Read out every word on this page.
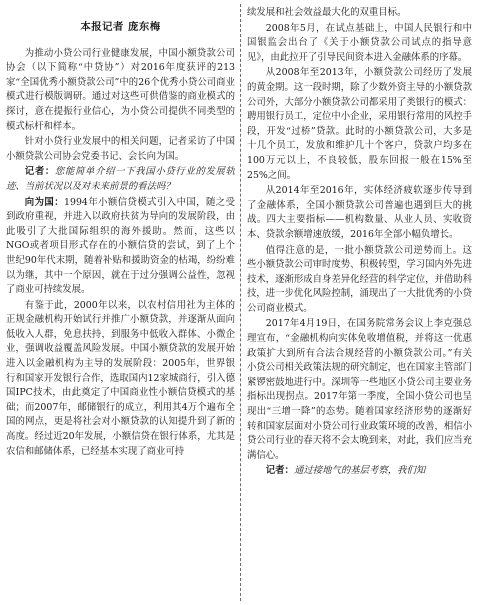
本报记者 庞东梅

为推动小贷公司行业健康发展，中国小额贷款公司协会（以下简称“中贷协”）对2016年度获评的213家“全国优秀小额贷款公司”中的26个优秀小贷公司商业模式进行模版调研。通过对这些可供借鉴的商业模式的探讨，意在提振行业信心，为小贷公司提供不同类型的模式标杆和样本。

针对小贷行业发展中的相关问题，记者采访了中国小额贷款公司协会党委书记、会长向为国。

记者：您能简单介绍一下我国小贷行业的发展轨迹、当前状况以及对未来前景的看法吗？

向为国：1994年小额信贷模式引入中国，随之受到政府重视，并进入以政府扶贫为导向的发展阶段，由此吸引了大批国际组织的海外援助。然而，这些以NGO或者项目形式存在的小额信贷的尝试，到了上个世纪90年代末期，随着补贴和援助资金的枯竭，纷纷难以为继，其中一个原因，就在于过分强调公益性，忽视了商业可持续发展。

有鉴于此，2000年以来，以农村信用社为主体的正规金融机构开始试行并推广小额贷款，并逐渐从面向低收入人群，免息扶持，到服务中低收入群体、小微企业，强调收益覆盖风险发展。中国小额贷款的发展开始进入以金融机构为主导的发展阶段：2005年，世界银行和国家开发银行合作，选取国内12家城商行，引入德国IPC技术，由此奠定了中国商业性小额信贷模式的基础；而2007年，邮储银行的成立，利用其4万个遍布全国的网点，更是将社会对小额贷款的认知提升到了新的高度。经过近20年发展，小额信贷在银行体系，尤其是农信和邮储体系，已经基本实现了商业可持

续发展和社会效益最大化的双重目标。

2008年5月，在试点基础上，中国人民银行和中国银监会出台了《关于小额贷款公司试点的指导意见》，由此拉开了引导民间资本进入金融体系的序幕。

从2008年至2013年，小额贷款公司经历了发展的黄金期。这一段时期，除了少数外资主导的小额贷款公司外，大部分小额贷款公司都采用了类银行的模式：聘用银行员工，定位中小企业，采用银行常用的风控手段，开发“过桥”贷款。此时的小额贷款公司，大多是十几个员工，发放和维护几十个客户，贷款户均多在100万元以上，不良较低，股东回报一般在15%至25%之间。

从2014年至2016年，实体经济疲软逐步传导到了金融体系，全国小额贷款公司普遍也遇到巨大的挑战。四大主要指标——机构数量、从业人员、实收资本、贷款余额增速放缓，2016年全部小幅负增长。

值得注意的是，一批小额贷款公司逆势而上。这些小额贷款公司审时度势、积极转型，学习国内外先进技术，逐渐形成自身差异化经营的科学定位，并借助科技，进一步优化风险控制，涌现出了一大批优秀的小贷公司商业模式。

2017年4月19日，在国务院常务会议上李克强总理宣布，“金融机构向实体免收增值税，并将这一优惠政策扩大到所有合法合规经营的小额贷款公司。”有关小贷公司相关政策法规的研究制定，也在国家主管部门紧锣密鼓地进行中。深圳等一些地区小贷公司主要业务指标出现拐点。2017年第一季度，全国小贷公司也呈现出“三增一降”的态势。随着国家经济形势的逐渐好转和国家层面对小贷公司行业政策环境的改善，相信小贷公司行业的春天将不会太晚到来，对此，我们应当充满信心。

记者：通过接地气的基层考察，我们知
